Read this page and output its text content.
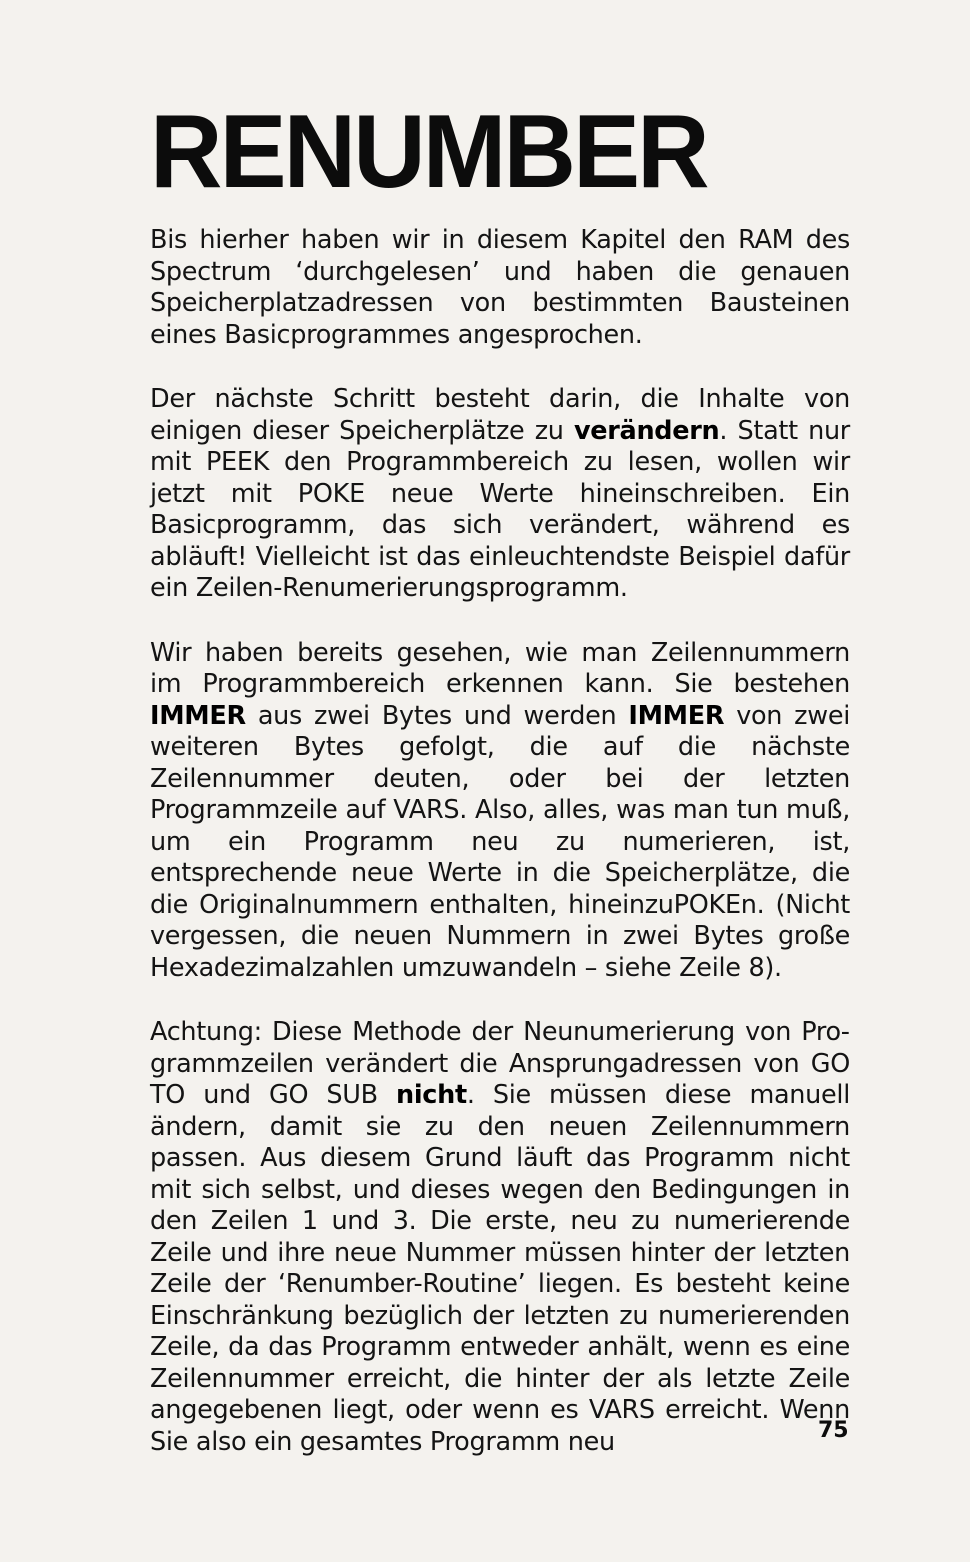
RENUMBER

Bis hierher haben wir in diesem Kapitel den RAM des Spectrum ‘durchgelesen’ und haben die genauen Speicherplatzadressen von bestimmten Bausteinen eines Basicprogrammes angesprochen.

Der nächste Schritt besteht darin, die Inhalte von einigen dieser Speicherplätze zu verändern. Statt nur mit PEEK den Programmbereich zu lesen, wollen wir jetzt mit POKE neue Werte hineinschreiben. Ein Basicprogramm, das sich verändert, während es abläuft! Vielleicht ist das einleuchtendste Beispiel dafür ein Zeilen-Renumerierungsprogramm.

Wir haben bereits gesehen, wie man Zeilennummern im Programmbereich erkennen kann. Sie bestehen IMMER aus zwei Bytes und werden IMMER von zwei weiteren Bytes gefolgt, die auf die nächste Zeilennummer deuten, oder bei der letzten Programmzeile auf VARS. Also, alles, was man tun muß, um ein Programm neu zu numerieren, ist, entsprechende neue Werte in die Speicherplätze, die die Originalnummern enthalten, hineinzuPOKEn. (Nicht vergessen, die neuen Nummern in zwei Bytes große Hexadezimalzahlen umzuwandeln – siehe Zeile 8).

Achtung: Diese Methode der Neunumerierung von Programmzeilen verändert die Ansprungadressen von GO TO und GO SUB nicht. Sie müssen diese manuell ändern, damit sie zu den neuen Zeilennummern passen. Aus diesem Grund läuft das Programm nicht mit sich selbst, und dieses wegen den Bedingungen in den Zeilen 1 und 3. Die erste, neu zu numerierende Zeile und ihre neue Nummer müssen hinter der letzten Zeile der ‘Renumber-Routine’ liegen. Es besteht keine Einschränkung bezüglich der letzten zu numerierenden Zeile, da das Programm entweder anhält, wenn es eine Zeilennummer erreicht, die hinter der als letzte Zeile angegebenen liegt, oder wenn es VARS erreicht. Wenn Sie also ein gesamtes Programm neu	75
